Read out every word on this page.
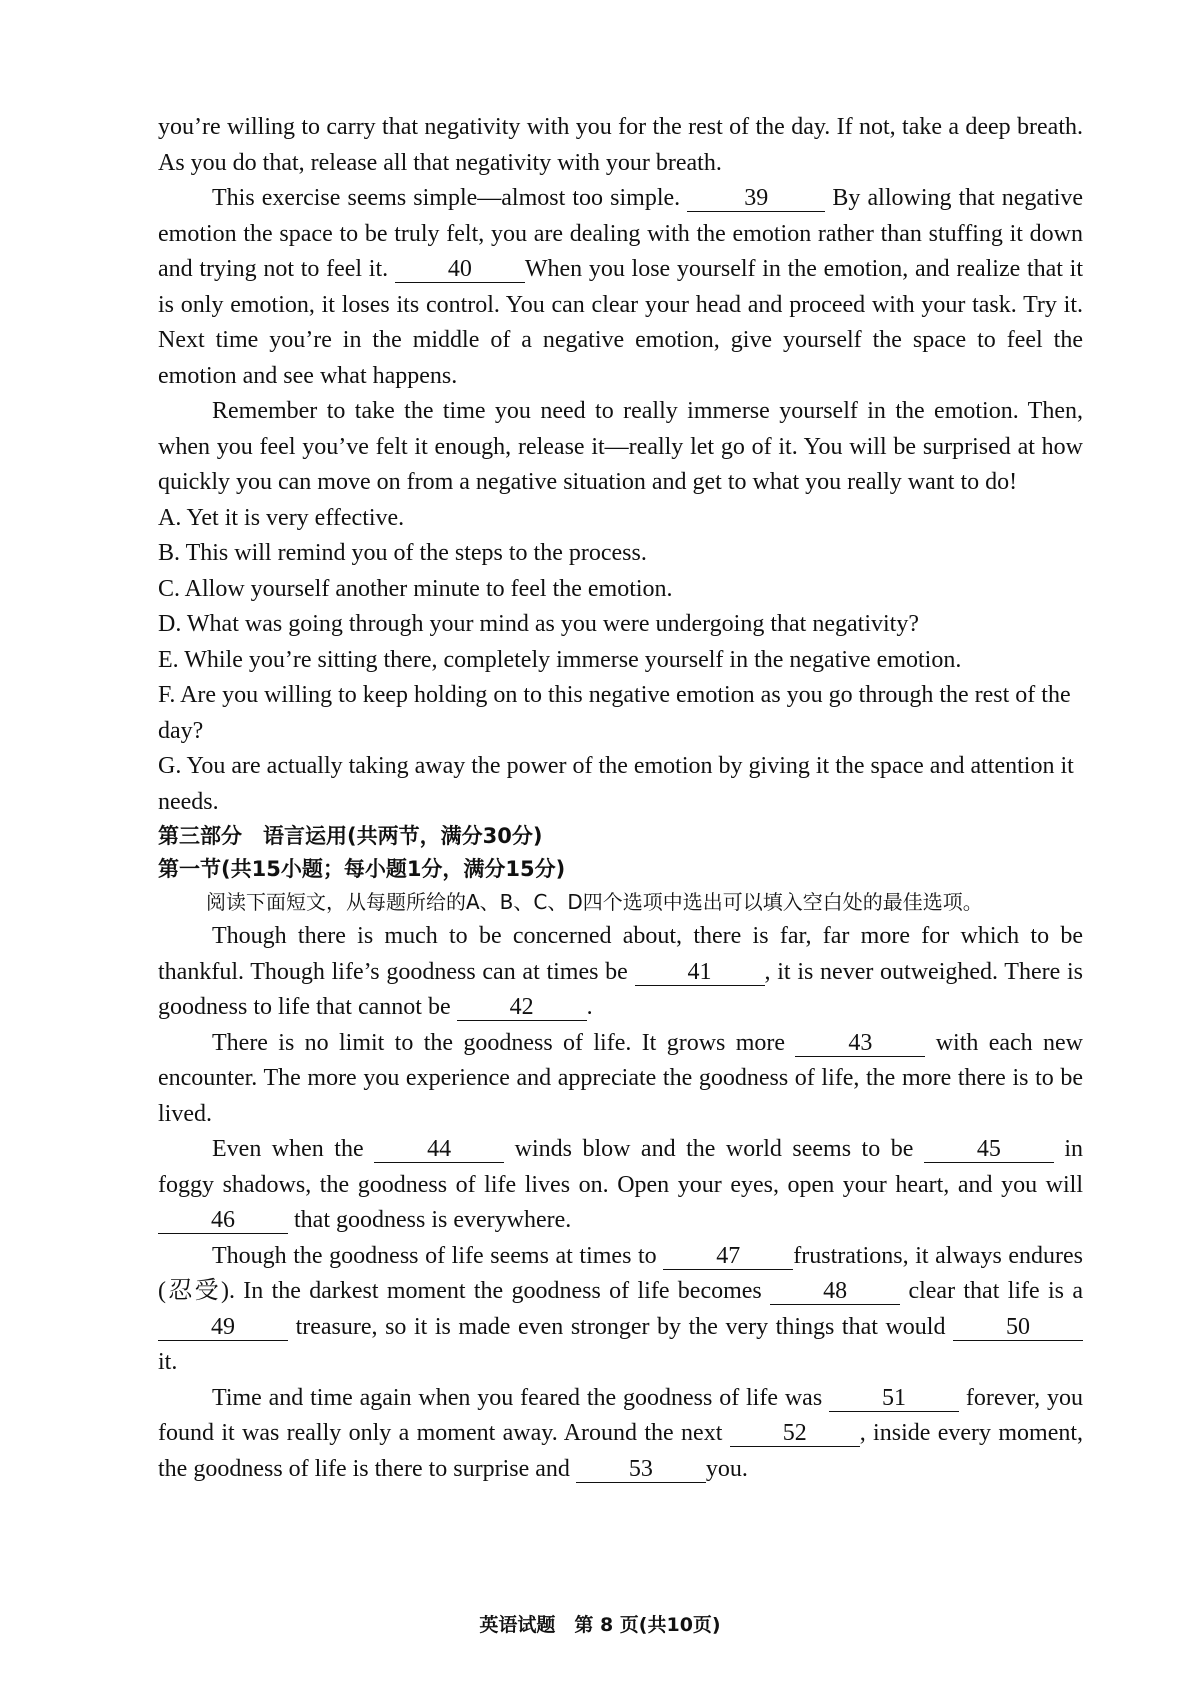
you’re willing to carry that negativity with you for the rest of the day. If not, take a deep breath. As you do that, release all that negativity with your breath.

This exercise seems simple—almost too simple.	39	By allowing that negative emotion the space to be truly felt, you are dealing with the emotion rather than stuffing it down and trying not to feel it. 40 When you lose yourself in the emotion, and realize that it is only emotion, it loses its control. You can clear your head and proceed with your task. Try it. Next time you’re in the middle of a negative emotion, give yourself the space to feel the emotion and see what happens.

Remember to take the time you need to really immerse yourself in the emotion. Then, when you feel you’ve felt it enough, release it—really let go of it. You will be surprised at how quickly you can move on from a negative situation and get to what you really want to do!

A. Yet it is very effective.

B. This will remind you of the steps to the process.

C. Allow yourself another minute to feel the emotion.

D. What was going through your mind as you were undergoing that negativity?

E. While you’re sitting there, completely immerse yourself in the negative emotion.

F. Are you willing to keep holding on to this negative emotion as you go through the rest of the day?

G. You are actually taking away the power of the emotion by giving it the space and attention it needs.

第三部分　语言运用(共两节，满分30分)

第一节(共15小题；每小题1分，满分15分)

阅读下面短文，从每题所给的A、B、C、D四个选项中选出可以填入空白处的最佳选项。

Though there is much to be concerned about, there is far, far more for which to be thankful. Though life’s goodness can at times be 41 , it is never outweighed. There is goodness to life that cannot be 42 .

There is no limit to the goodness of life. It grows more	43	with each new encounter. The more you experience and appreciate the goodness of life, the more there is to be lived.

Even when the	44	winds blow and the world seems to be	45	in foggy shadows, the goodness of life lives on. Open your eyes, open your heart, and you will 46 that goodness is everywhere.

Though the goodness of life seems at times to 47 frustrations, it always endures (忍受). In the darkest moment the goodness of life becomes	48	clear that life is a 49	treasure, so it is made even stronger by the very things that would	50 it.

Time and time again when you feared the goodness of life was 51 forever, you found it was really only a moment away. Around the next	52 , inside every moment, the goodness of life is there to surprise and 53 you.

英语试题　第 8 页(共10页)
